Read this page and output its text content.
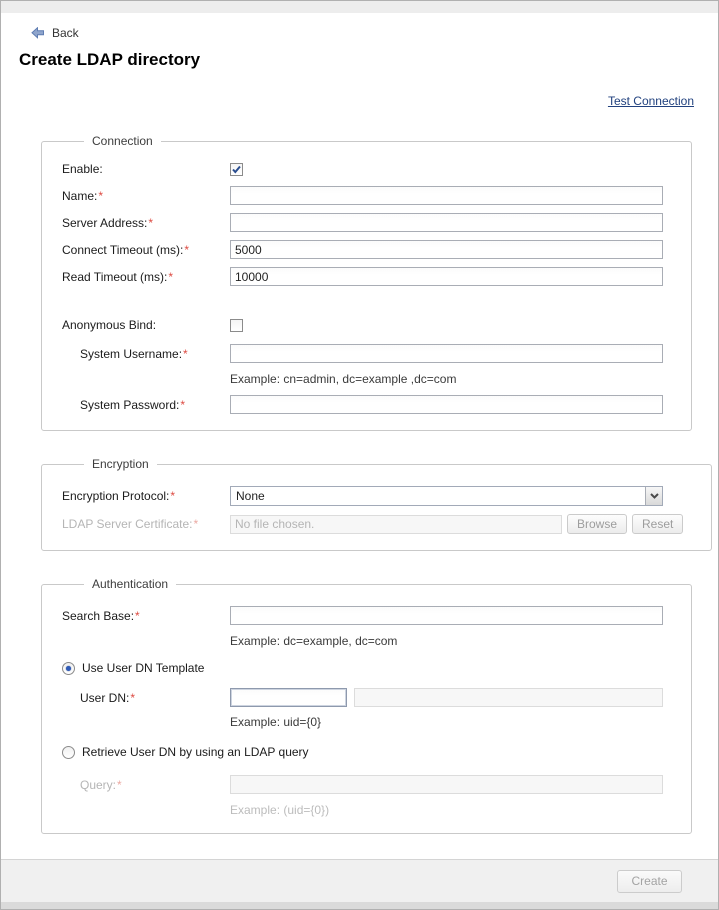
Back
Create LDAP directory
Test Connection
Connection
Enable:
Name:*
Server Address:*
Connect Timeout (ms):*
5000
Read Timeout (ms):*
10000
Anonymous Bind:
System Username:*
Example: cn=admin, dc=example ,dc=com
System Password:*
Encryption
Encryption Protocol:*	None
LDAP Server Certificate:*
No file chosen.	Browse	Reset
Authentication
Search Base:*
Example: dc=example, dc=com
Use User DN Template
User DN:*
Example: uid={0}
Retrieve User DN by using an LDAP query
Query:*
Example: (uid={0})
Create
